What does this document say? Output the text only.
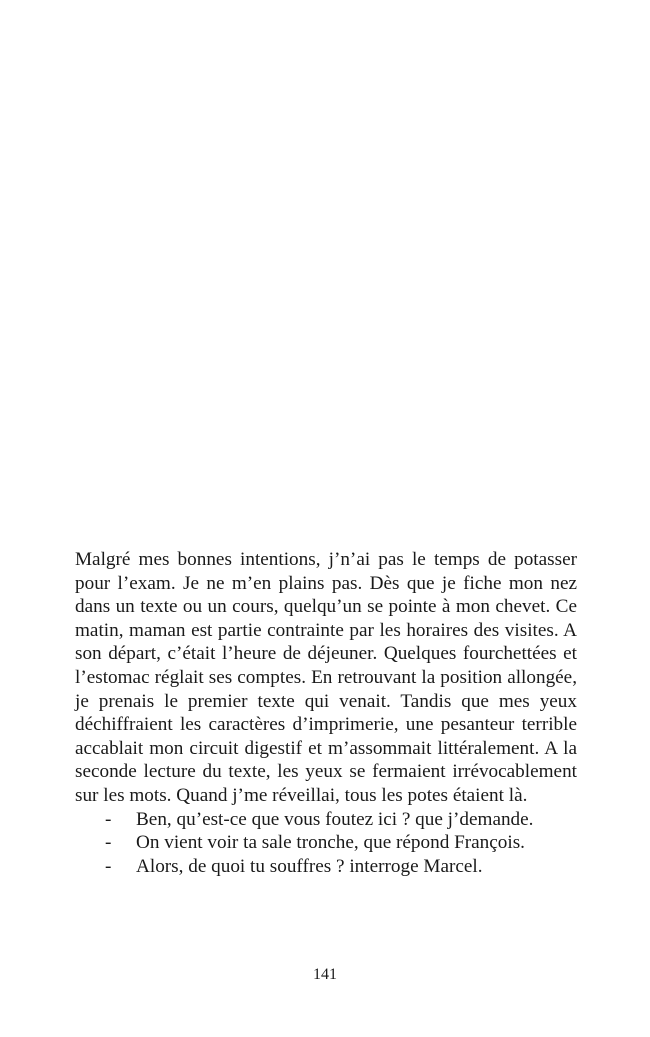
Malgré mes bonnes intentions, j’n’ai pas le temps de potasser pour l’exam. Je ne m’en plains pas. Dès que je fiche mon nez dans un texte ou un cours, quelqu’un se pointe à mon chevet. Ce matin, maman est partie contrainte par les horaires des visites. A son départ, c’était l’heure de déjeuner. Quelques fourchettées et l’estomac réglait ses comptes. En retrouvant la position allongée, je prenais le premier texte qui venait. Tandis que mes yeux déchiffraient les caractères d’imprimerie, une pesanteur terrible accablait mon circuit digestif et m’assommait littéralement. A la seconde lecture du texte, les yeux se fermaient irrévocablement sur les mots. Quand j’me réveillai, tous les potes étaient là.

- Ben, qu’est-ce que vous foutez ici ? que j’demande.
- On vient voir ta sale tronche, que répond François.
- Alors, de quoi tu souffres ? interroge Marcel.
141
